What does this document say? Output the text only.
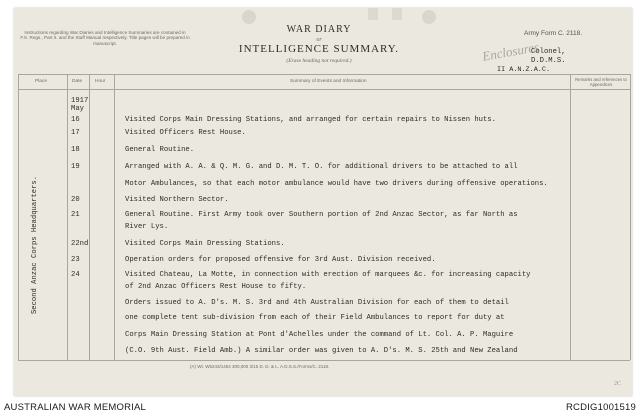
Instructions regarding War Diaries and Intelligence Summaries are contained in F.S. Regs., Part II. and the Staff Manual respectively. Title pages will be prepared in manuscript.
WAR DIARY
or
INTELLIGENCE SUMMARY.
(Erase heading not required.)
Army Form C. 2118.
Enclosures
Colonel,
D.D.M.S.
II A.N.Z.A.C.
Place	Date	Hour	Summary of Events and Information	Remarks and references to Appendices
Second Anzac Corps Headquarters.
1917
May
16	Visited Corps Main Dressing Stations, and arranged for certain repairs to Nissen huts.
17	Visited Officers Rest House.
18	General Routine.
19	Arranged with A. A. & Q. M. G. and D. M. T. O. for additional drivers to be attached to all
Motor Ambulances, so that each motor ambulance would have two drivers during offensive operations.
20	Visited Northern Sector.
21	General Routine. First Army took over Southern portion of 2nd Anzac Sector, as far North as
River Lys.
22nd	Visited Corps Main Dressing Stations.
23	Operation orders for proposed offensive for 3rd Aust. Division received.
24	Visited Chateau, La Motte, in connection with erection of marquees &c. for increasing capacity
of 2nd Anzac Officers Rest House to fifty.
Orders issued to A. D's. M. S. 3rd and 4th Australian Division for each of them to detail
one complete tent sub-division from each of their Field Ambulances to report for duty at
Corps Main Dressing Station at Pont d'Achelles under the command of Lt. Col. A. P. Maguire
(C.O. 9th Aust. Field Amb.) A similar order was given to A. D's. M. S. 25th and New Zealand
(A) Wt. W5243/1454 300,000 3/15 D. D. & L. A.D.S.S./Forms/C. 2118.
2C
AUSTRALIAN WAR MEMORIAL	RCDIG1001519
